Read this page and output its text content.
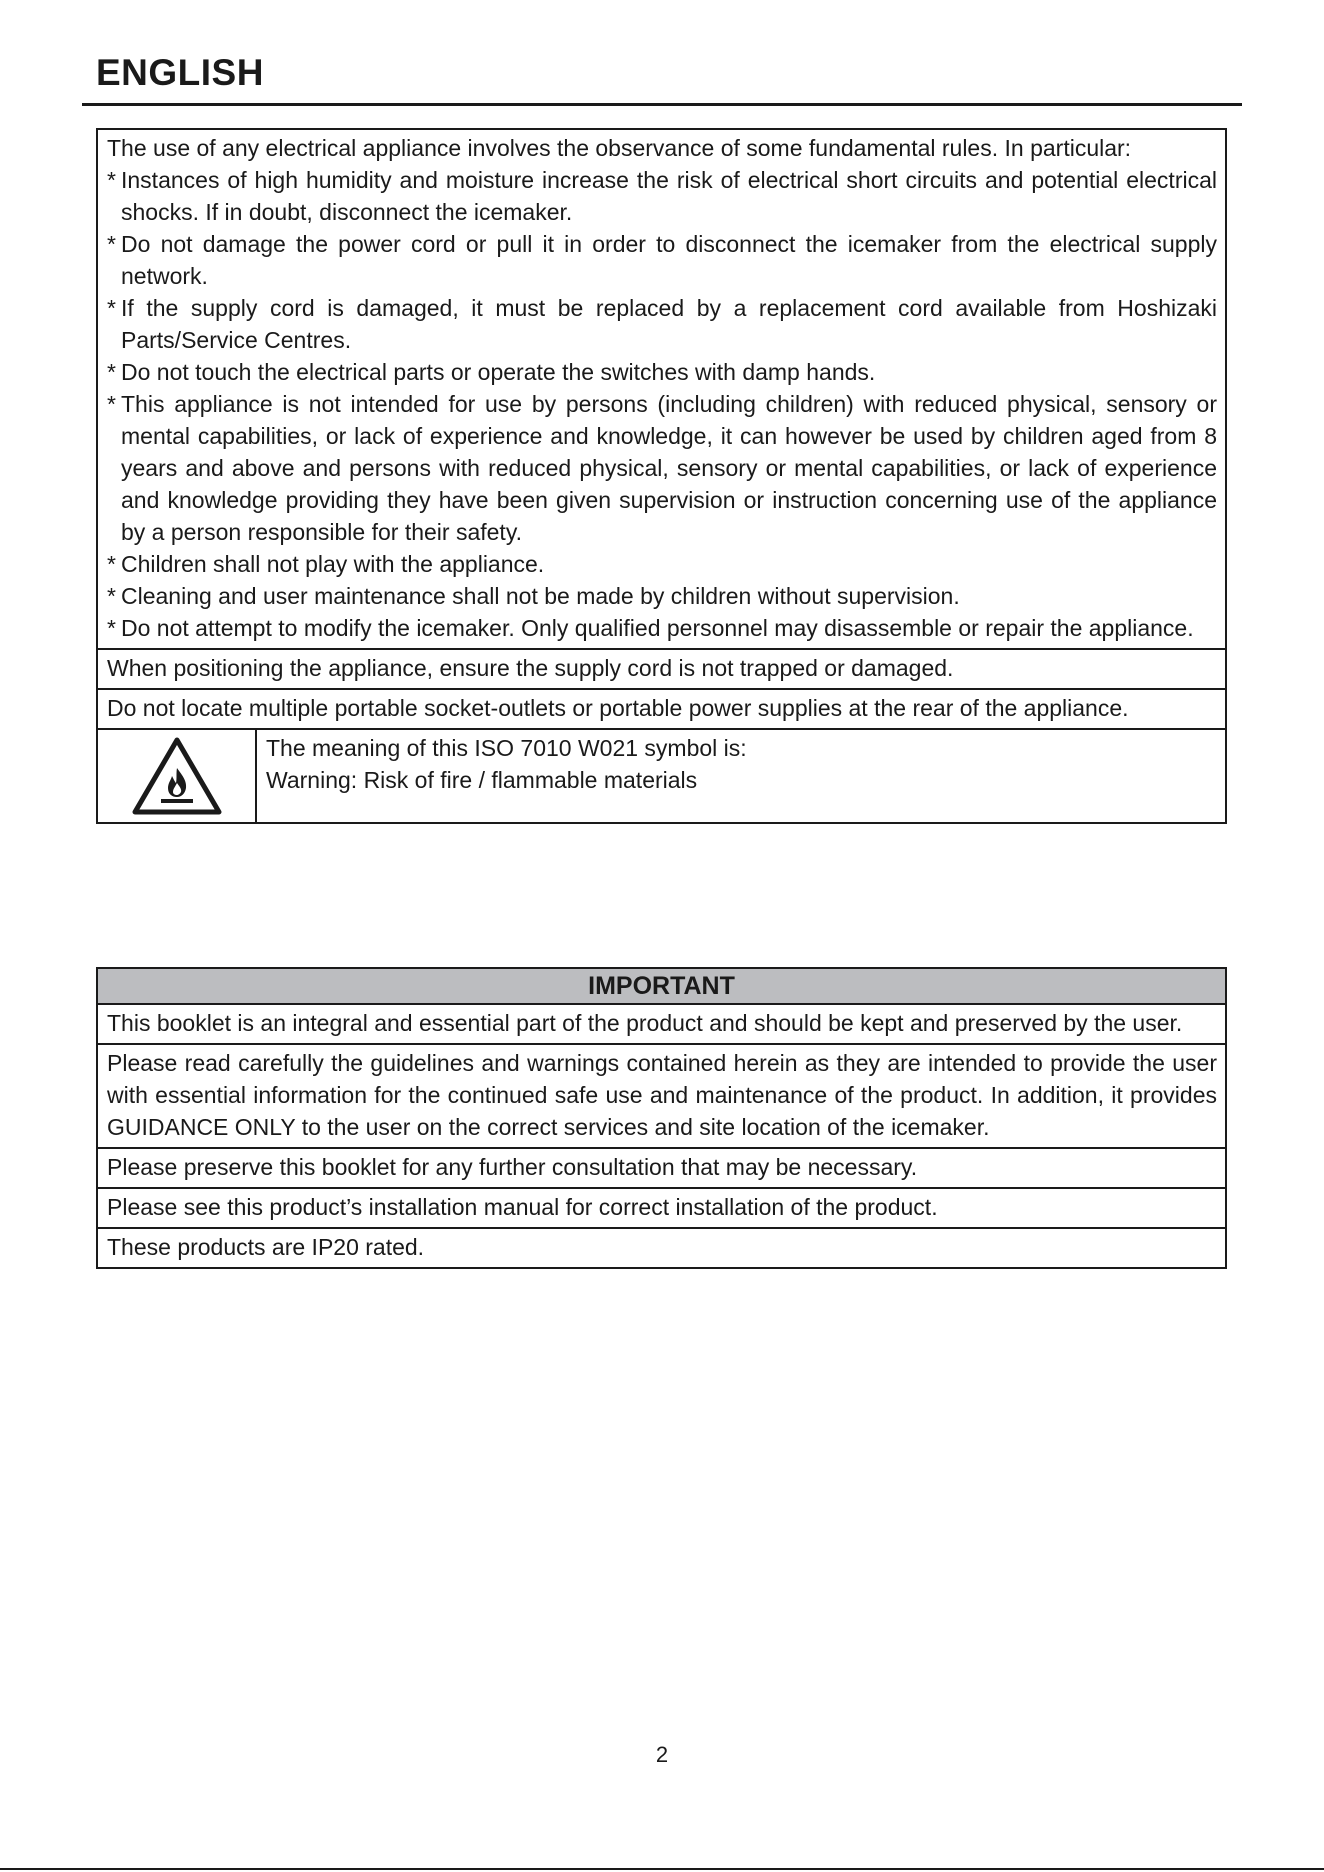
ENGLISH

The use of any electrical appliance involves the observance of some fundamental rules. In particular:

* Instances of high humidity and moisture increase the risk of electrical short circuits and potential electrical shocks. If in doubt, disconnect the icemaker.

* Do not damage the power cord or pull it in order to disconnect the icemaker from the electrical supply network.

* If the supply cord is damaged, it must be replaced by a replacement cord available from Hoshizaki Parts/Service Centres.

* Do not touch the electrical parts or operate the switches with damp hands.

* This appliance is not intended for use by persons (including children) with reduced physical, sensory or mental capabilities, or lack of experience and knowledge, it can however be used by children aged from 8 years and above and persons with reduced physical, sensory or mental capabilities, or lack of experience and knowledge providing they have been given supervision or instruction concerning use of the appliance by a person responsible for their safety.

* Children shall not play with the appliance.

* Cleaning and user maintenance shall not be made by children without supervision.

* Do not attempt to modify the icemaker. Only qualified personnel may disassemble or repair the appliance.

When positioning the appliance, ensure the supply cord is not trapped or damaged.

Do not locate multiple portable socket-outlets or portable power supplies at the rear of the appliance.

The meaning of this ISO 7010 W021 symbol is:

Warning: Risk of fire / flammable materials

IMPORTANT

This booklet is an integral and essential part of the product and should be kept and preserved by the user.

Please read carefully the guidelines and warnings contained herein as they are intended to provide the user with essential information for the continued safe use and maintenance of the product. In addition, it provides GUIDANCE ONLY to the user on the correct services and site location of the icemaker.

Please preserve this booklet for any further consultation that may be necessary.

Please see this product’s installation manual for correct installation of the product.

These products are IP20 rated.

2
